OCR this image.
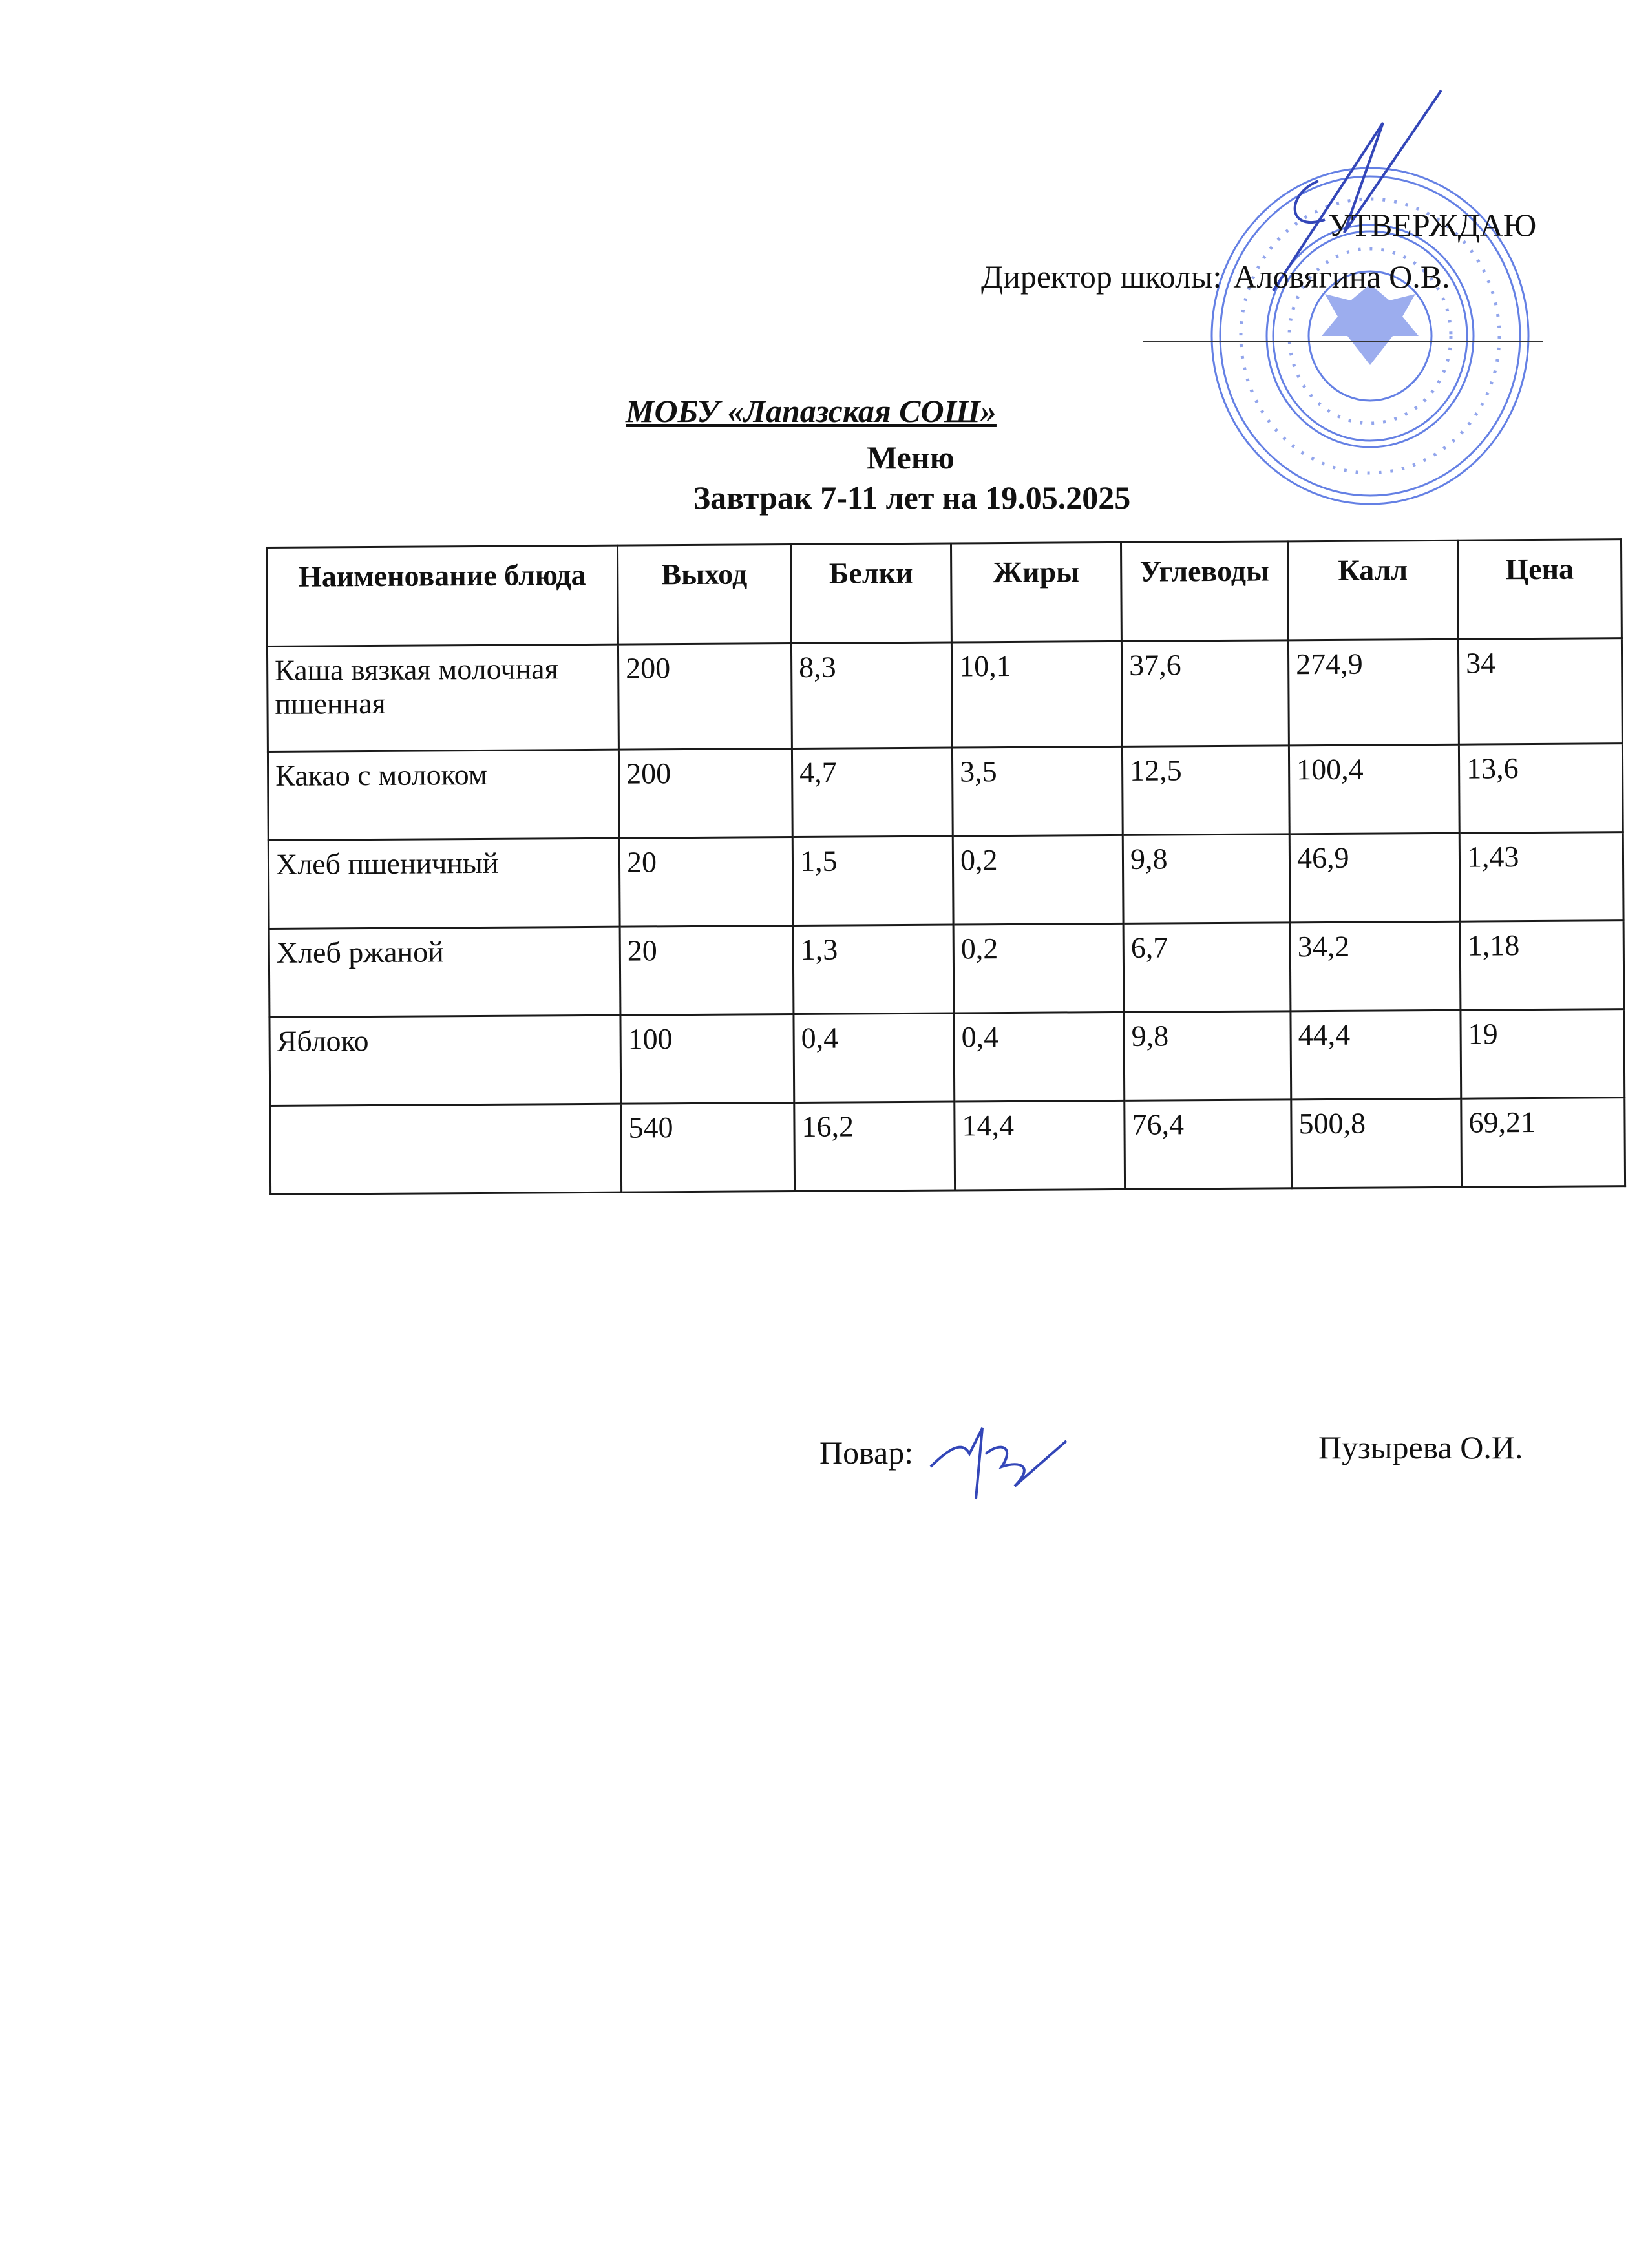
УТВЕРЖДАЮ
Директор школы: Аловягина О.В.
МОБУ «Лапазская СОШ»
Меню
Завтрак 7-11 лет на 19.05.2025
Наименование блюда	Выход	Белки	Жиры	Углеводы	Калл	Цена
Каша вязкая молочная пшенная	200	8,3	10,1	37,6	274,9	34
Какао с молоком	200	4,7	3,5	12,5	100,4	13,6
Хлеб пшеничный	20	1,5	0,2	9,8	46,9	1,43
Хлеб ржаной	20	1,3	0,2	6,7	34,2	1,18
Яблоко	100	0,4	0,4	9,8	44,4	19
	540	16,2	14,4	76,4	500,8	69,21
Повар:	Пузырева О.И.
